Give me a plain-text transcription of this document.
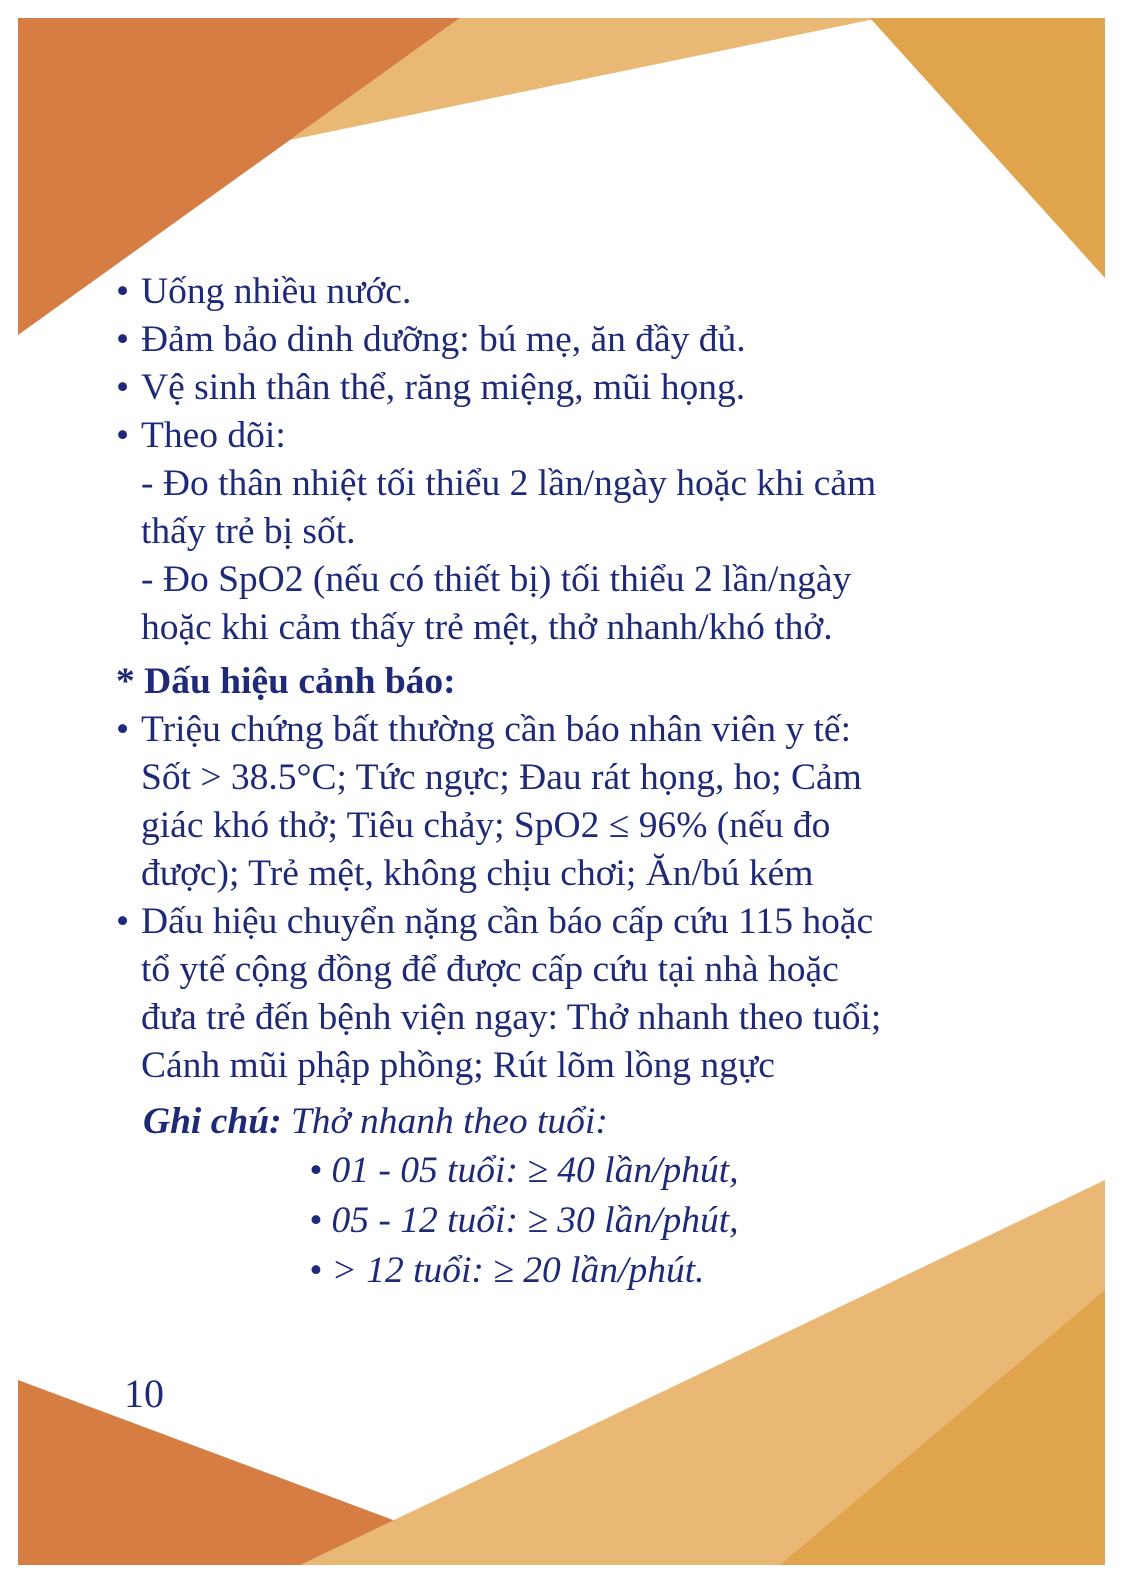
• Uống nhiều nước.
• Đảm bảo dinh dưỡng: bú mẹ, ăn đầy đủ.
• Vệ sinh thân thể, răng miệng, mũi họng.
• Theo dõi:
- Đo thân nhiệt tối thiểu 2 lần/ngày hoặc khi cảm
thấy trẻ bị sốt.
- Đo SpO2 (nếu có thiết bị) tối thiểu 2 lần/ngày
hoặc khi cảm thấy trẻ mệt, thở nhanh/khó thở.
* Dấu hiệu cảnh báo:
• Triệu chứng bất thường cần báo nhân viên y tế:
Sốt > 38.5°C; Tức ngực; Đau rát họng, ho; Cảm
giác khó thở; Tiêu chảy; SpO2 ≤ 96% (nếu đo
được); Trẻ mệt, không chịu chơi; Ăn/bú kém
• Dấu hiệu chuyển nặng cần báo cấp cứu 115 hoặc
tổ ytế cộng đồng để được cấp cứu tại nhà hoặc
đưa trẻ đến bệnh viện ngay: Thở nhanh theo tuổi;
Cánh mũi phập phồng; Rút lõm lồng ngực
Ghi chú: Thở nhanh theo tuổi:
• 01 - 05 tuổi: ≥ 40 lần/phút,
• 05 - 12 tuổi: ≥ 30 lần/phút,
• > 12 tuổi: ≥ 20 lần/phút.
10
